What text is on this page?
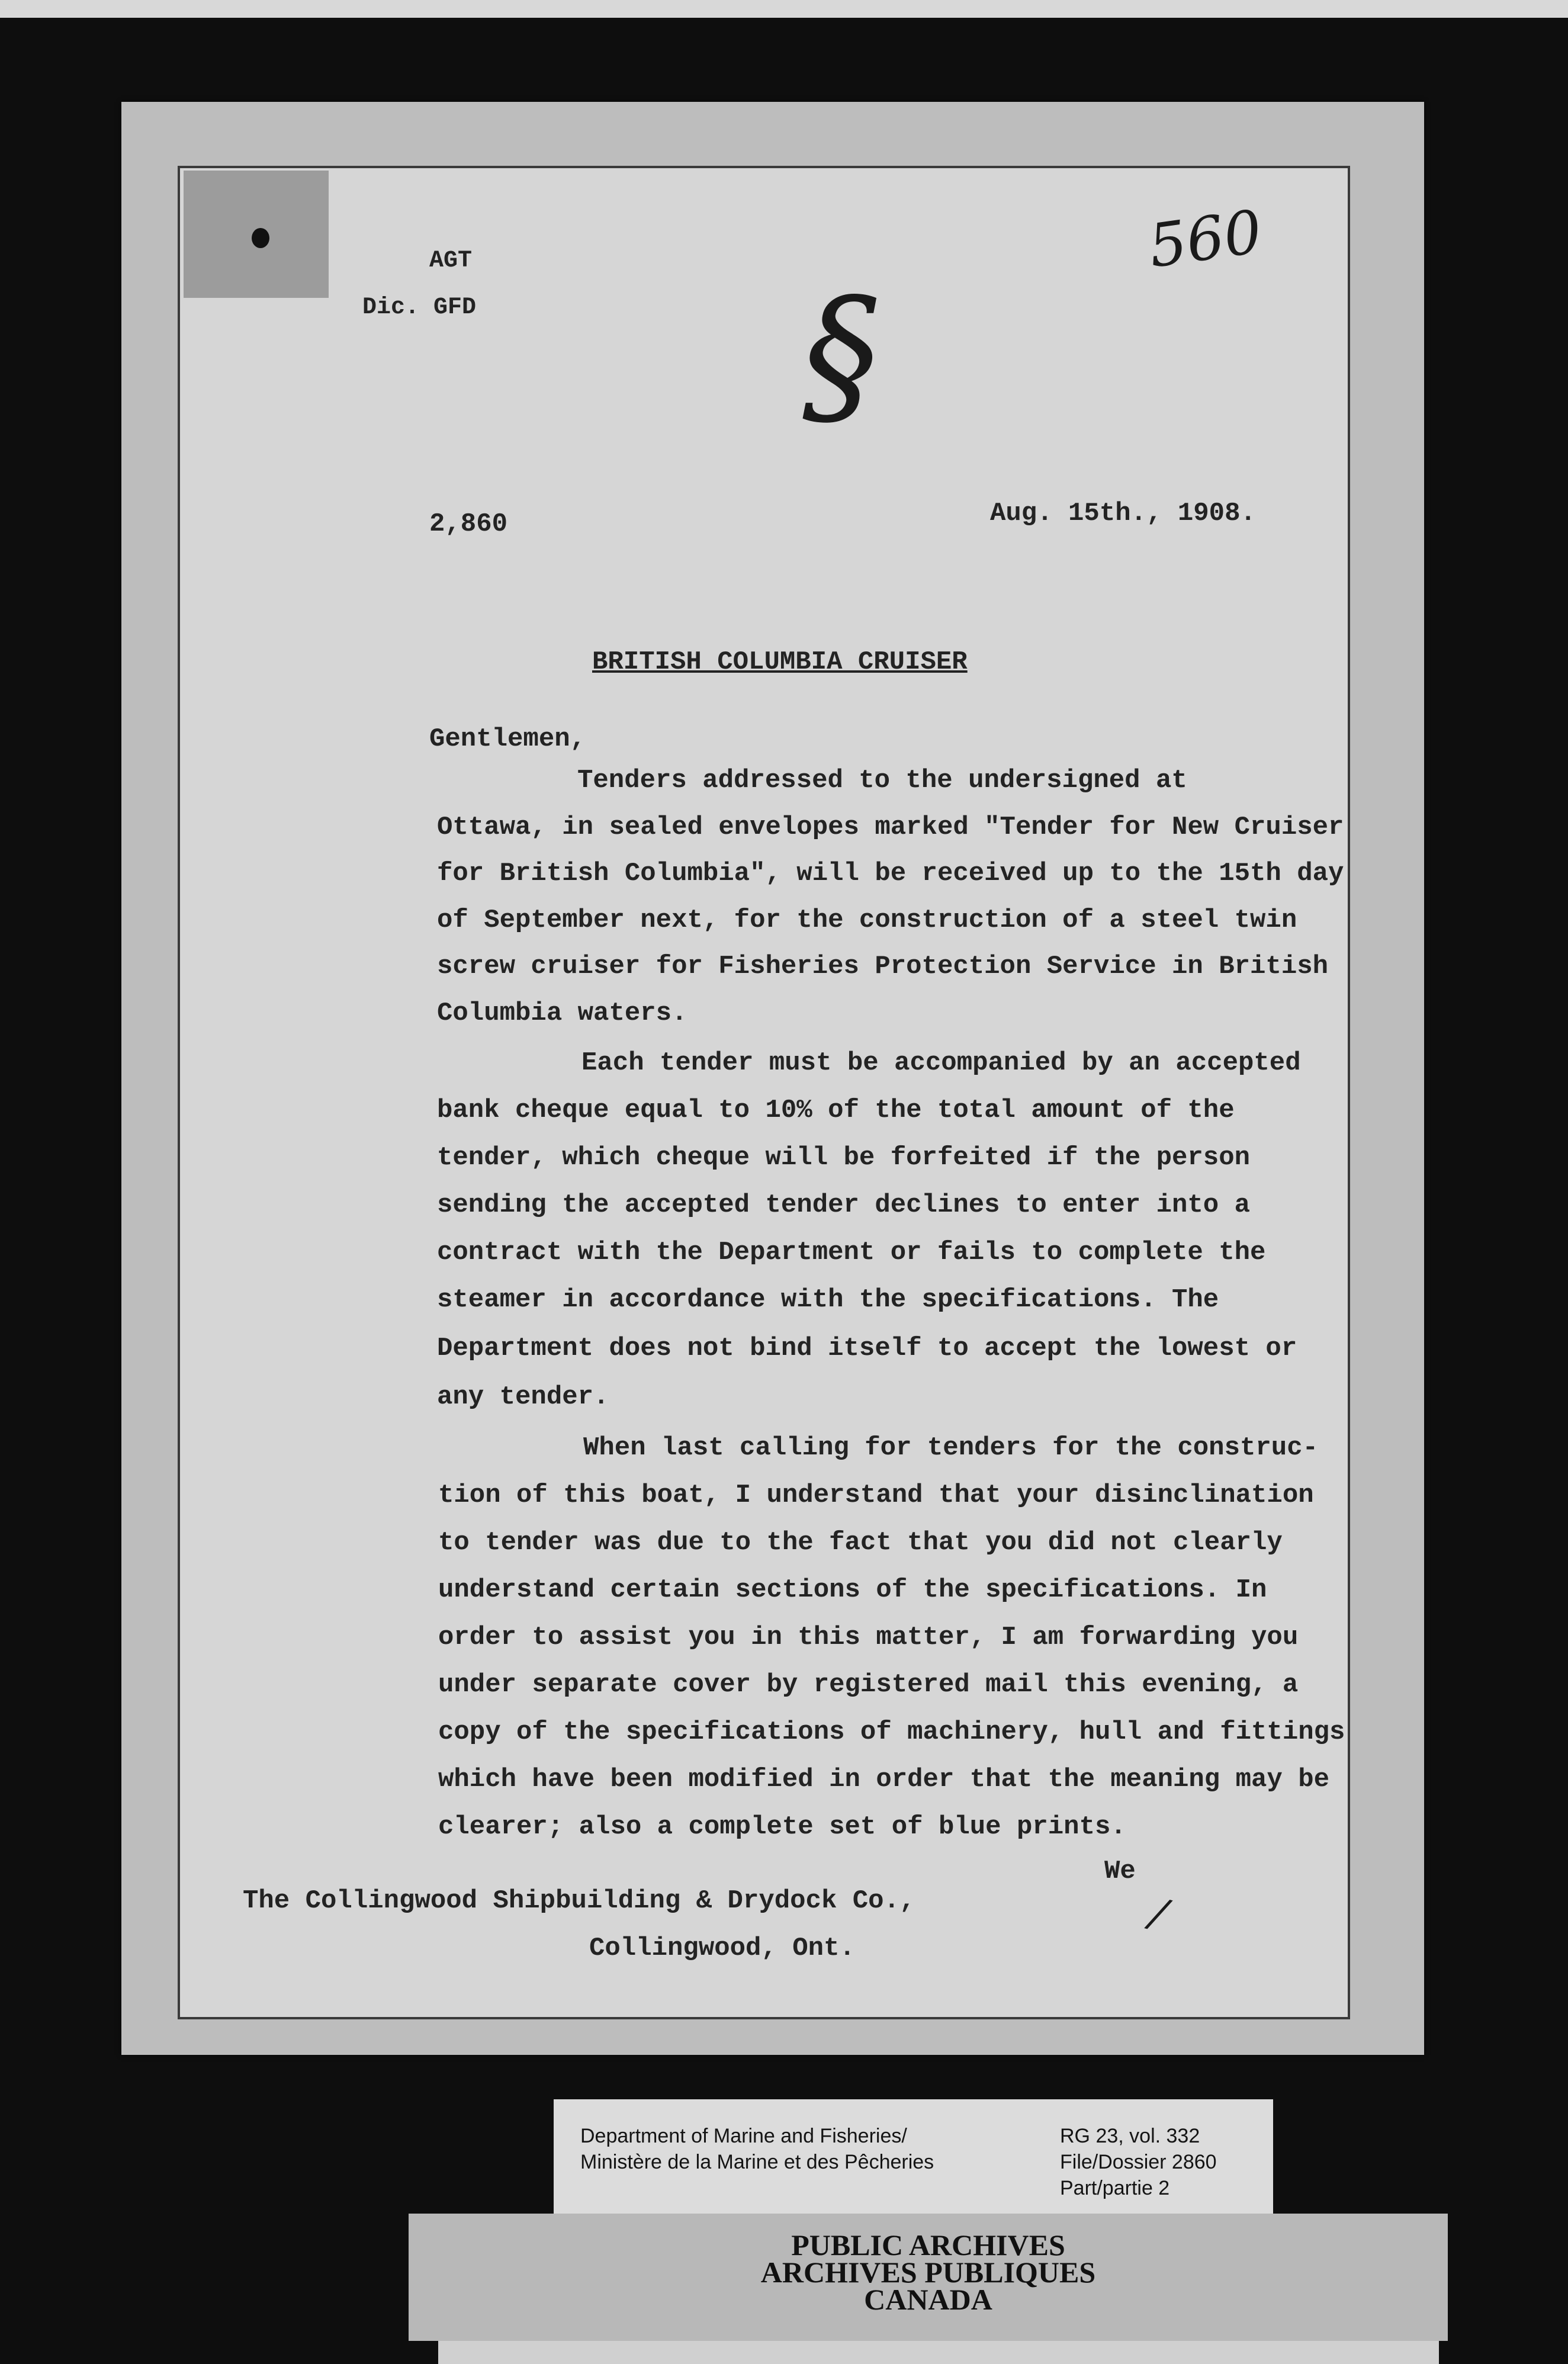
AGT
Dic. GFD
560
§
2,860	Aug. 15th., 1908.
BRITISH COLUMBIA CRUISER
Gentlemen,
Tenders addressed to the undersigned at
Ottawa, in sealed envelopes marked "Tender for New Cruiser
for British Columbia", will be received up to the 15th day
of September next, for the construction of a steel twin
screw cruiser for Fisheries Protection Service in British
Columbia waters.
Each tender must be accompanied by an accepted
bank cheque equal to 10% of the total amount of the
tender, which cheque will be forfeited if the person
sending the accepted tender declines to enter into a
contract with the Department or fails to complete the
steamer in accordance with the specifications. The
Department does not bind itself to accept the lowest or
any tender.
When last calling for tenders for the construc-
tion of this boat, I understand that your disinclination
to tender was due to the fact that you did not clearly
understand certain sections of the specifications. In
order to assist you in this matter, I am forwarding you
under separate cover by registered mail this evening, a
copy of the specifications of machinery, hull and fittings
which have been modified in order that the meaning may be
clearer; also a complete set of blue prints.
We
/
The Collingwood Shipbuilding & Drydock Co.,
Collingwood, Ont.
Department of Marine and Fisheries/
Ministère de la Marine et des Pêcheries
RG 23, vol. 332
File/Dossier 2860
Part/partie 2
PUBLIC ARCHIVES
ARCHIVES PUBLIQUES
CANADA
